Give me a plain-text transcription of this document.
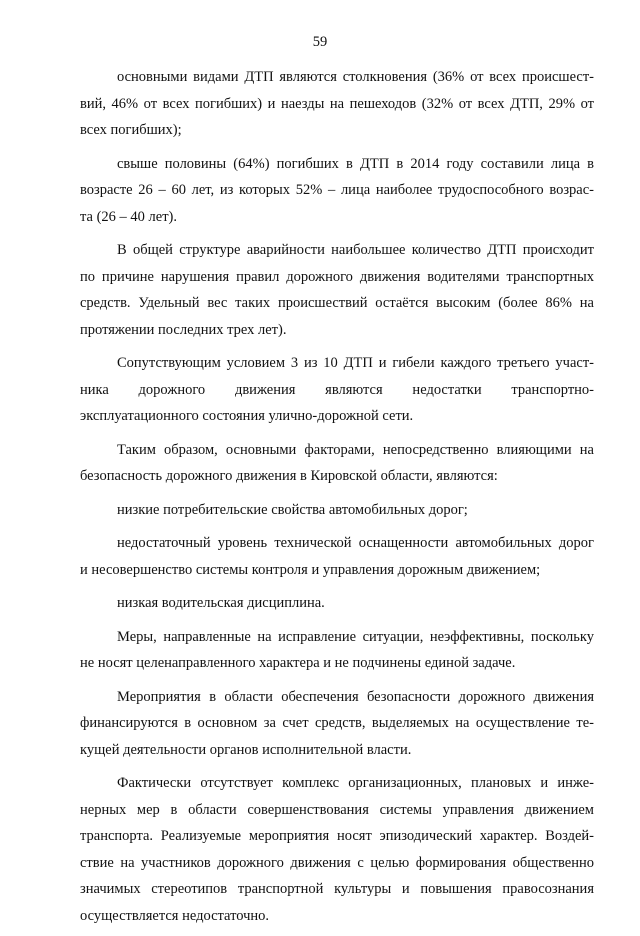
59
основными видами ДТП являются столкновения (36% от всех происшест-
вий, 46% от всех погибших) и наезды на пешеходов (32% от всех ДТП, 29% от
всех погибших);
свыше половины (64%) погибших в ДТП в 2014 году составили лица в
возрасте 26 – 60 лет, из которых 52% – лица наиболее трудоспособного возрас-
та (26 – 40 лет).
В общей структуре аварийности наибольшее количество ДТП происходит
по причине нарушения правил дорожного движения водителями транспортных
средств. Удельный вес таких происшествий остаётся высоким (более 86% на
протяжении последних трех лет).
Сопутствующим условием 3 из 10 ДТП и гибели каждого третьего участ-
ника дорожного движения являются недостатки транспортно-
эксплуатационного состояния улично-дорожной сети.
Таким образом, основными факторами, непосредственно влияющими на
безопасность дорожного движения в Кировской области, являются:
низкие потребительские свойства автомобильных дорог;
недостаточный уровень технической оснащенности автомобильных дорог
и несовершенство системы контроля и управления дорожным движением;
низкая водительская дисциплина.
Меры, направленные на исправление ситуации, неэффективны, поскольку
не носят целенаправленного характера и не подчинены единой задаче.
Мероприятия в области обеспечения безопасности дорожного движения
финансируются в основном за счет средств, выделяемых на осуществление те-
кущей деятельности органов исполнительной власти.
Фактически отсутствует комплекс организационных, плановых и инже-
нерных мер в области совершенствования системы управления движением
транспорта. Реализуемые мероприятия носят эпизодический характер. Воздей-
ствие на участников дорожного движения с целью формирования общественно
значимых стереотипов транспортной культуры и повышения правосознания
осуществляется недостаточно.
